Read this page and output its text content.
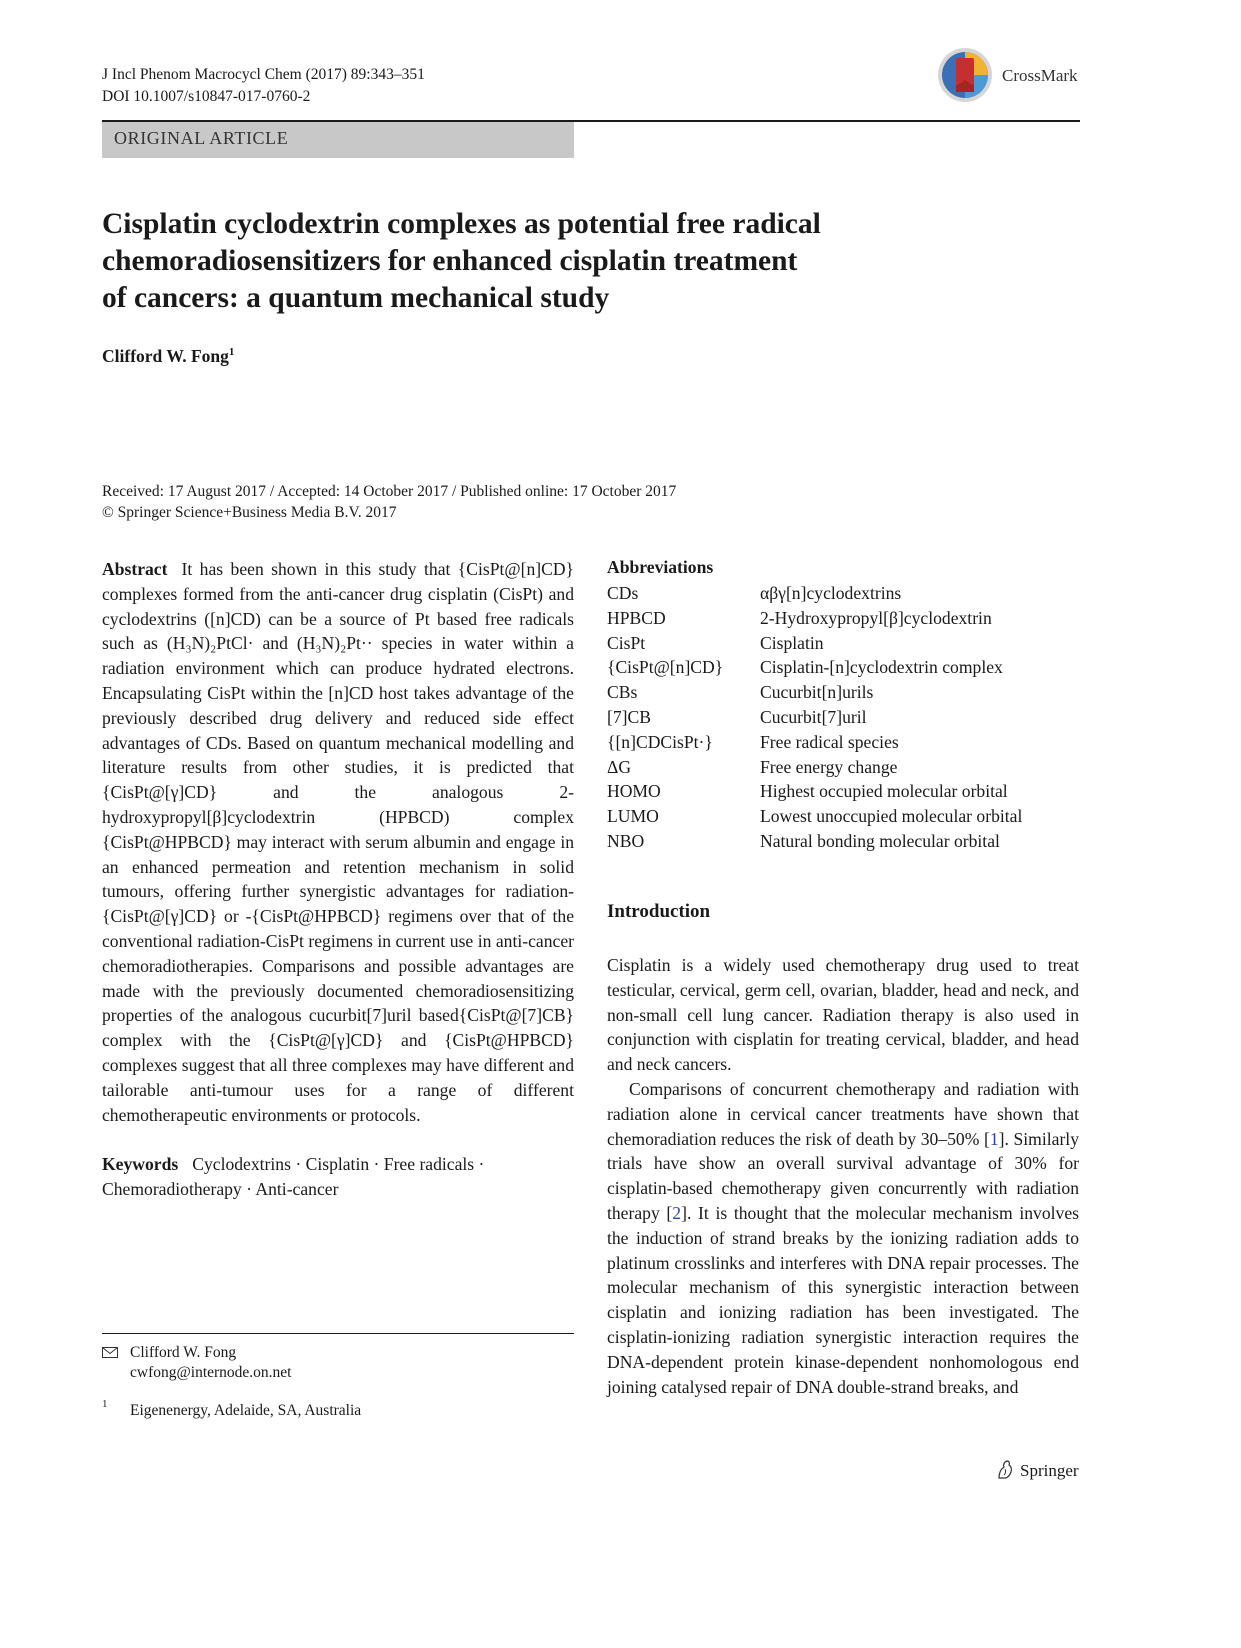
J Incl Phenom Macrocycl Chem (2017) 89:343–351
DOI 10.1007/s10847-017-0760-2
CrossMark
ORIGINAL ARTICLE
Cisplatin cyclodextrin complexes as potential free radical
chemoradiosensitizers for enhanced cisplatin treatment
of cancers: a quantum mechanical study
Clifford W. Fong$^1$
Received: 17 August 2017 / Accepted: 14 October 2017 / Published online: 17 October 2017
© Springer Science+Business Media B.V. 2017

Abstract It has been shown in this study that {CisPt@[n]CD} complexes formed from the anti-cancer drug cisplatin (CisPt) and cyclodextrins ([n]CD) can be a source of Pt based free radicals such as (H₃N)₂PtCl· and (H₃N)₂Pt·· species in water within a radiation environment which can produce hydrated electrons. Encapsulating CisPt within the [n]CD host takes advantage of the previously described drug delivery and reduced side effect advantages of CDs. Based on quantum mechanical modelling and literature results from other studies, it is predicted that {CisPt@[γ]CD} and the analogous 2-hydroxypropyl[β]cyclodextrin (HPBCD) complex {CisPt@HPBCD} may interact with serum albumin and engage in an enhanced permeation and retention mechanism in solid tumours, offering further synergistic advantages for radiation-{CisPt@[γ]CD} or -{CisPt@HPBCD} regimens over that of the conventional radiation-CisPt regimens in current use in anti-cancer chemoradiotherapies. Comparisons and possible advantages are made with the previously documented chemoradiosensitizing properties of the analogous cucurbit[7]uril based{CisPt@[7]CB} complex with the {CisPt@[γ]CD} and {CisPt@HPBCD} complexes suggest that all three complexes may have different and tailorable anti-tumour uses for a range of different chemotherapeutic environments or protocols.

Keywords Cyclodextrins · Cisplatin · Free radicals · Chemoradiotherapy · Anti-cancer

Clifford W. Fong
cwfong@internode.on.net
1 Eigenenergy, Adelaide, SA, Australia
Abbreviations
CDs	αβγ[n]cyclodextrins
HPBCD	2-Hydroxypropyl[β]cyclodextrin
CisPt	Cisplatin
{CisPt@[n]CD}	Cisplatin-[n]cyclodextrin complex
CBs	Cucurbit[n]urils
[7]CB	Cucurbit[7]uril
{[n]CDCisPt·}	Free radical species
ΔG	Free energy change
HOMO	Highest occupied molecular orbital
LUMO	Lowest unoccupied molecular orbital
NBO	Natural bonding molecular orbital
Introduction

Cisplatin is a widely used chemotherapy drug used to treat testicular, cervical, germ cell, ovarian, bladder, head and neck, and non-small cell lung cancer. Radiation therapy is also used in conjunction with cisplatin for treating cervical, bladder, and head and neck cancers.

Comparisons of concurrent chemotherapy and radiation with radiation alone in cervical cancer treatments have shown that chemoradiation reduces the risk of death by 30–50% [1]. Similarly trials have show an overall survival advantage of 30% for cisplatin-based chemotherapy given concurrently with radiation therapy [2]. It is thought that the molecular mechanism involves the induction of strand breaks by the ionizing radiation adds to platinum crosslinks and interferes with DNA repair processes. The molecular mechanism of this synergistic interaction between cisplatin and ionizing radiation has been investigated. The cisplatin-ionizing radiation synergistic interaction requires the DNA-dependent protein kinase-dependent nonhomologous end joining catalysed repair of DNA double-strand breaks, and

Springer
